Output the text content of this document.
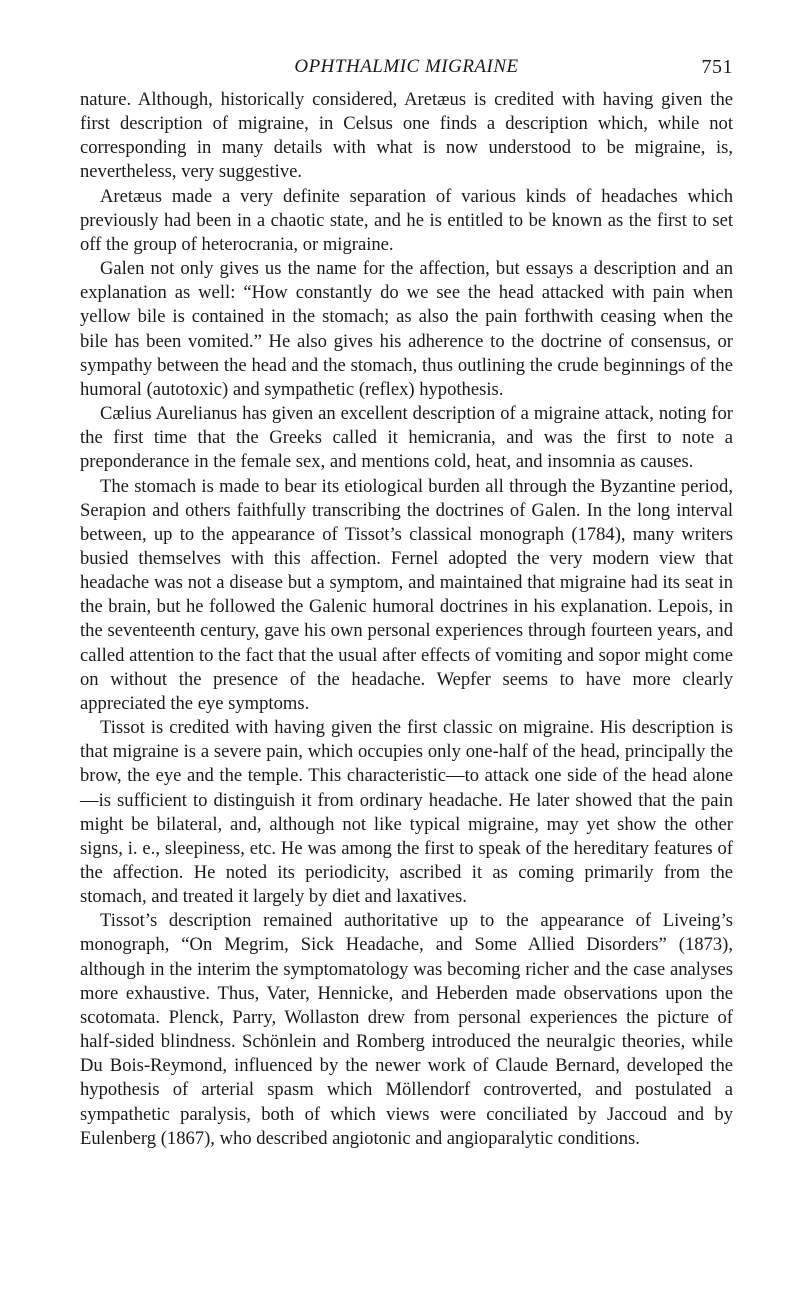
OPHTHALMIC MIGRAINE	751

nature. Although, historically considered, Aretæus is credited with having given the first description of migraine, in Celsus one finds a description which, while not corresponding in many details with what is now understood to be migraine, is, nevertheless, very suggestive.

Aretæus made a very definite separation of various kinds of headaches which previously had been in a chaotic state, and he is entitled to be known as the first to set off the group of heterocrania, or migraine.

Galen not only gives us the name for the affection, but essays a description and an explanation as well: “How constantly do we see the head attacked with pain when yellow bile is contained in the stomach; as also the pain forthwith ceasing when the bile has been vomited.” He also gives his adherence to the doctrine of consensus, or sympathy between the head and the stomach, thus outlining the crude beginnings of the humoral (autotoxic) and sympathetic (reflex) hypothesis.

Cælius Aurelianus has given an excellent description of a migraine attack, noting for the first time that the Greeks called it hemicrania, and was the first to note a preponderance in the female sex, and mentions cold, heat, and insomnia as causes.

The stomach is made to bear its etiological burden all through the Byzantine period, Serapion and others faithfully transcribing the doctrines of Galen. In the long interval between, up to the appearance of Tissot’s classical monograph (1784), many writers busied themselves with this affection. Fernel adopted the very modern view that headache was not a disease but a symptom, and maintained that migraine had its seat in the brain, but he followed the Galenic humoral doctrines in his explanation. Lepois, in the seventeenth century, gave his own personal experiences through fourteen years, and called attention to the fact that the usual after effects of vomiting and sopor might come on without the presence of the headache. Wepfer seems to have more clearly appreciated the eye symptoms.

Tissot is credited with having given the first classic on migraine. His description is that migraine is a severe pain, which occupies only one-half of the head, principally the brow, the eye and the temple. This characteristic—to attack one side of the head alone—is sufficient to distinguish it from ordinary headache. He later showed that the pain might be bilateral, and, although not like typical migraine, may yet show the other signs, i. e., sleepiness, etc. He was among the first to speak of the hereditary features of the affection. He noted its periodicity, ascribed it as coming primarily from the stomach, and treated it largely by diet and laxatives.

Tissot’s description remained authoritative up to the appearance of Liveing’s monograph, “On Megrim, Sick Headache, and Some Allied Disorders” (1873), although in the interim the symptomatology was becoming richer and the case analyses more exhaustive. Thus, Vater, Hennicke, and Heberden made observations upon the scotomata. Plenck, Parry, Wollaston drew from personal experiences the picture of half-sided blindness. Schönlein and Romberg introduced the neuralgic theories, while Du Bois-Reymond, influenced by the newer work of Claude Bernard, developed the hypothesis of arterial spasm which Möllendorf controverted, and postulated a sympathetic paralysis, both of which views were conciliated by Jaccoud and by Eulenberg (1867), who described angiotonic and angioparalytic conditions.
